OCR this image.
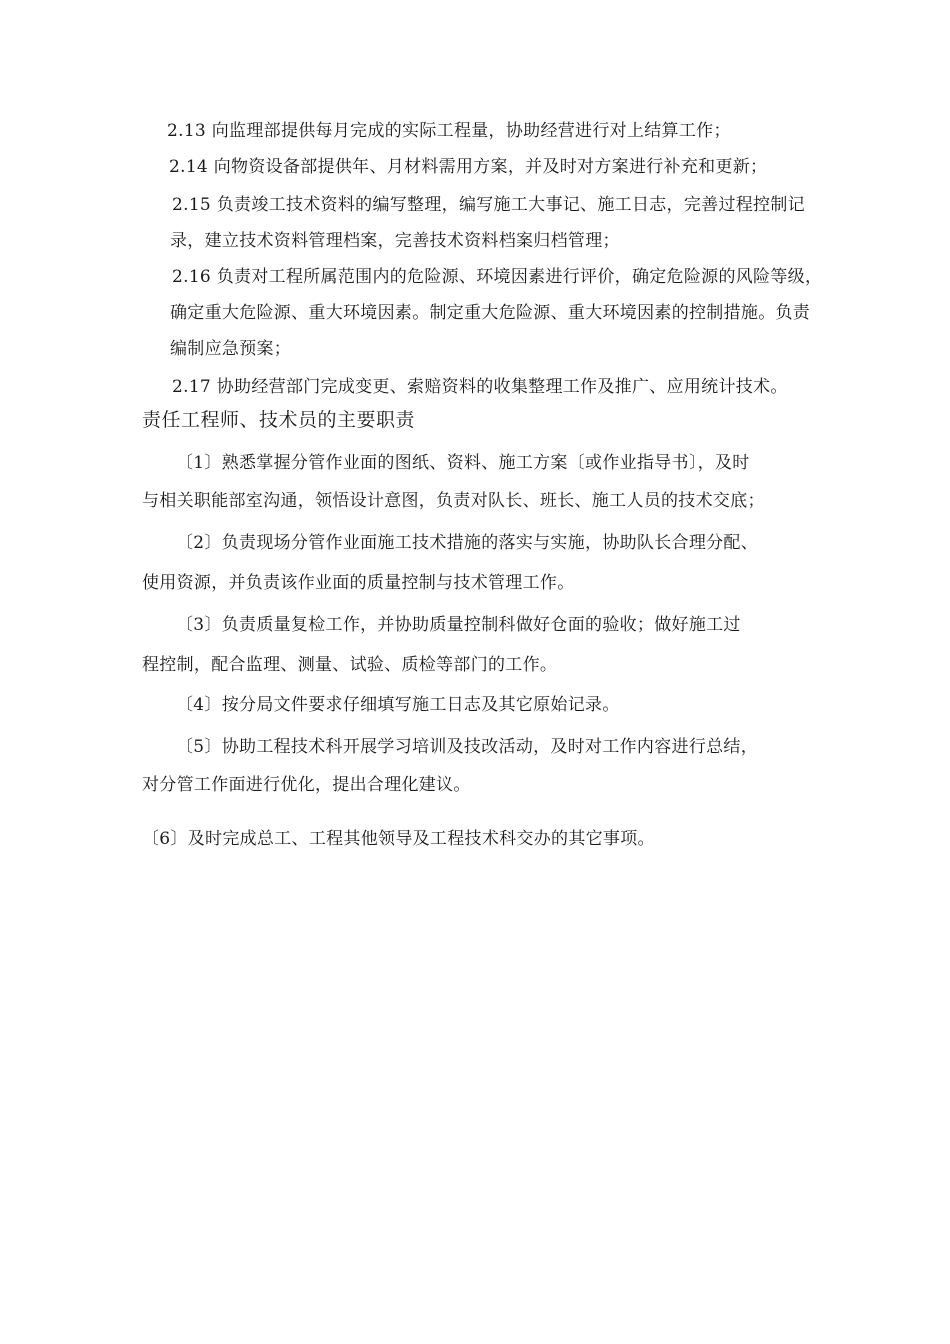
2.13 向监理部提供每月完成的实际工程量，协助经营进行对上结算工作；
2.14 向物资设备部提供年、月材料需用方案，并及时对方案进行补充和更新；
2.15 负责竣工技术资料的编写整理，编写施工大事记、施工日志，完善过程控制记
录，建立技术资料管理档案，完善技术资料档案归档管理；
2.16 负责对工程所属范围内的危险源、环境因素进行评价，确定危险源的风险等级，
确定重大危险源、重大环境因素。制定重大危险源、重大环境因素的控制措施。负责
编制应急预案；
2.17 协助经营部门完成变更、索赔资料的收集整理工作及推广、应用统计技术。
责任工程师、技术员的主要职责
〔1〕熟悉掌握分管作业面的图纸、资料、施工方案〔或作业指导书〕，及时
与相关职能部室沟通，领悟设计意图，负责对队长、班长、施工人员的技术交底；
〔2〕负责现场分管作业面施工技术措施的落实与实施，协助队长合理分配、
使用资源，并负责该作业面的质量控制与技术管理工作。
〔3〕负责质量复检工作，并协助质量控制科做好仓面的验收；做好施工过
程控制，配合监理、测量、试验、质检等部门的工作。
〔4〕按分局文件要求仔细填写施工日志及其它原始记录。
〔5〕协助工程技术科开展学习培训及技改活动，及时对工作内容进行总结，
对分管工作面进行优化，提出合理化建议。
〔6〕及时完成总工、工程其他领导及工程技术科交办的其它事项。
